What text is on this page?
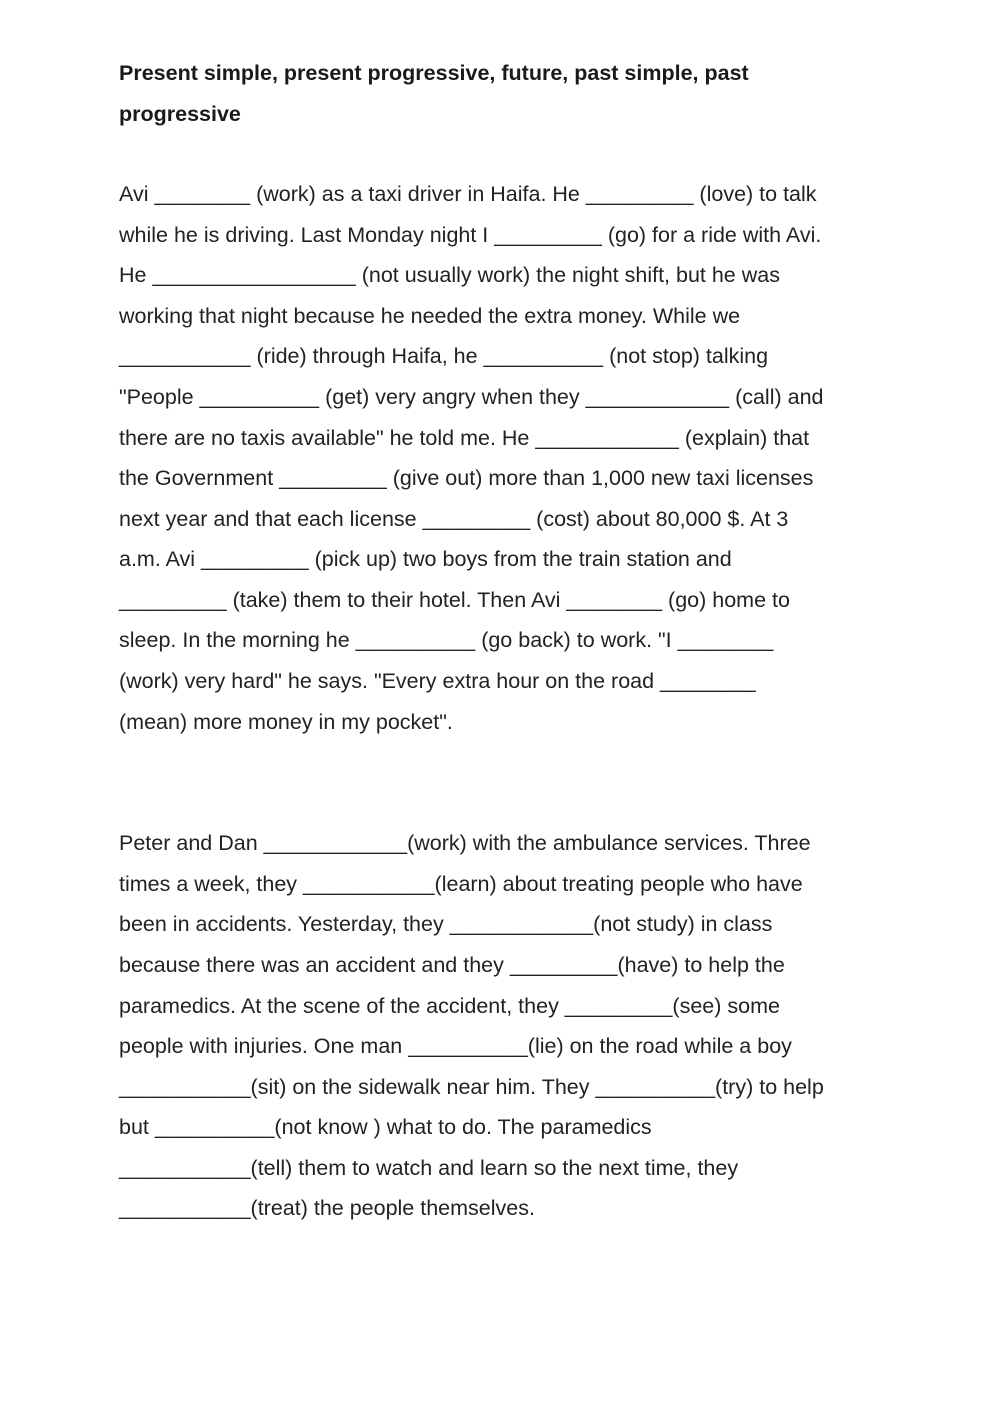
Present simple, present progressive, future, past simple, past
progressive

Avi ________ (work) as a taxi driver in Haifa. He _________ (love) to talk

while he is driving. Last Monday night I _________ (go) for a ride with Avi.

He _________________ (not usually work) the night shift, but he was

working that night because he needed the extra money. While we

___________ (ride) through Haifa, he __________ (not stop) talking

"People __________ (get) very angry when they ____________ (call) and

there are no taxis available" he told me. He ____________ (explain) that

the Government _________ (give out) more than 1,000 new taxi licenses

next year and that each license _________ (cost) about 80,000 $. At 3

a.m. Avi _________ (pick up) two boys from the train station and

_________ (take) them to their hotel. Then Avi ________ (go) home to

sleep. In the morning he __________ (go back) to work. "I ________

(work) very hard" he says. "Every extra hour on the road ________

(mean) more money in my pocket".

Peter and Dan ____________(work) with the ambulance services. Three

times a week, they ___________(learn) about treating people who have

been in accidents. Yesterday, they ____________(not study) in class

because there was an accident and they _________(have) to help the

paramedics. At the scene of the accident, they _________(see) some

people with injuries. One man __________(lie) on the road while a boy

___________(sit) on the sidewalk near him. They __________(try) to help

but __________(not know ) what to do. The paramedics

___________(tell) them to watch and learn so the next time, they

___________(treat) the people themselves.
